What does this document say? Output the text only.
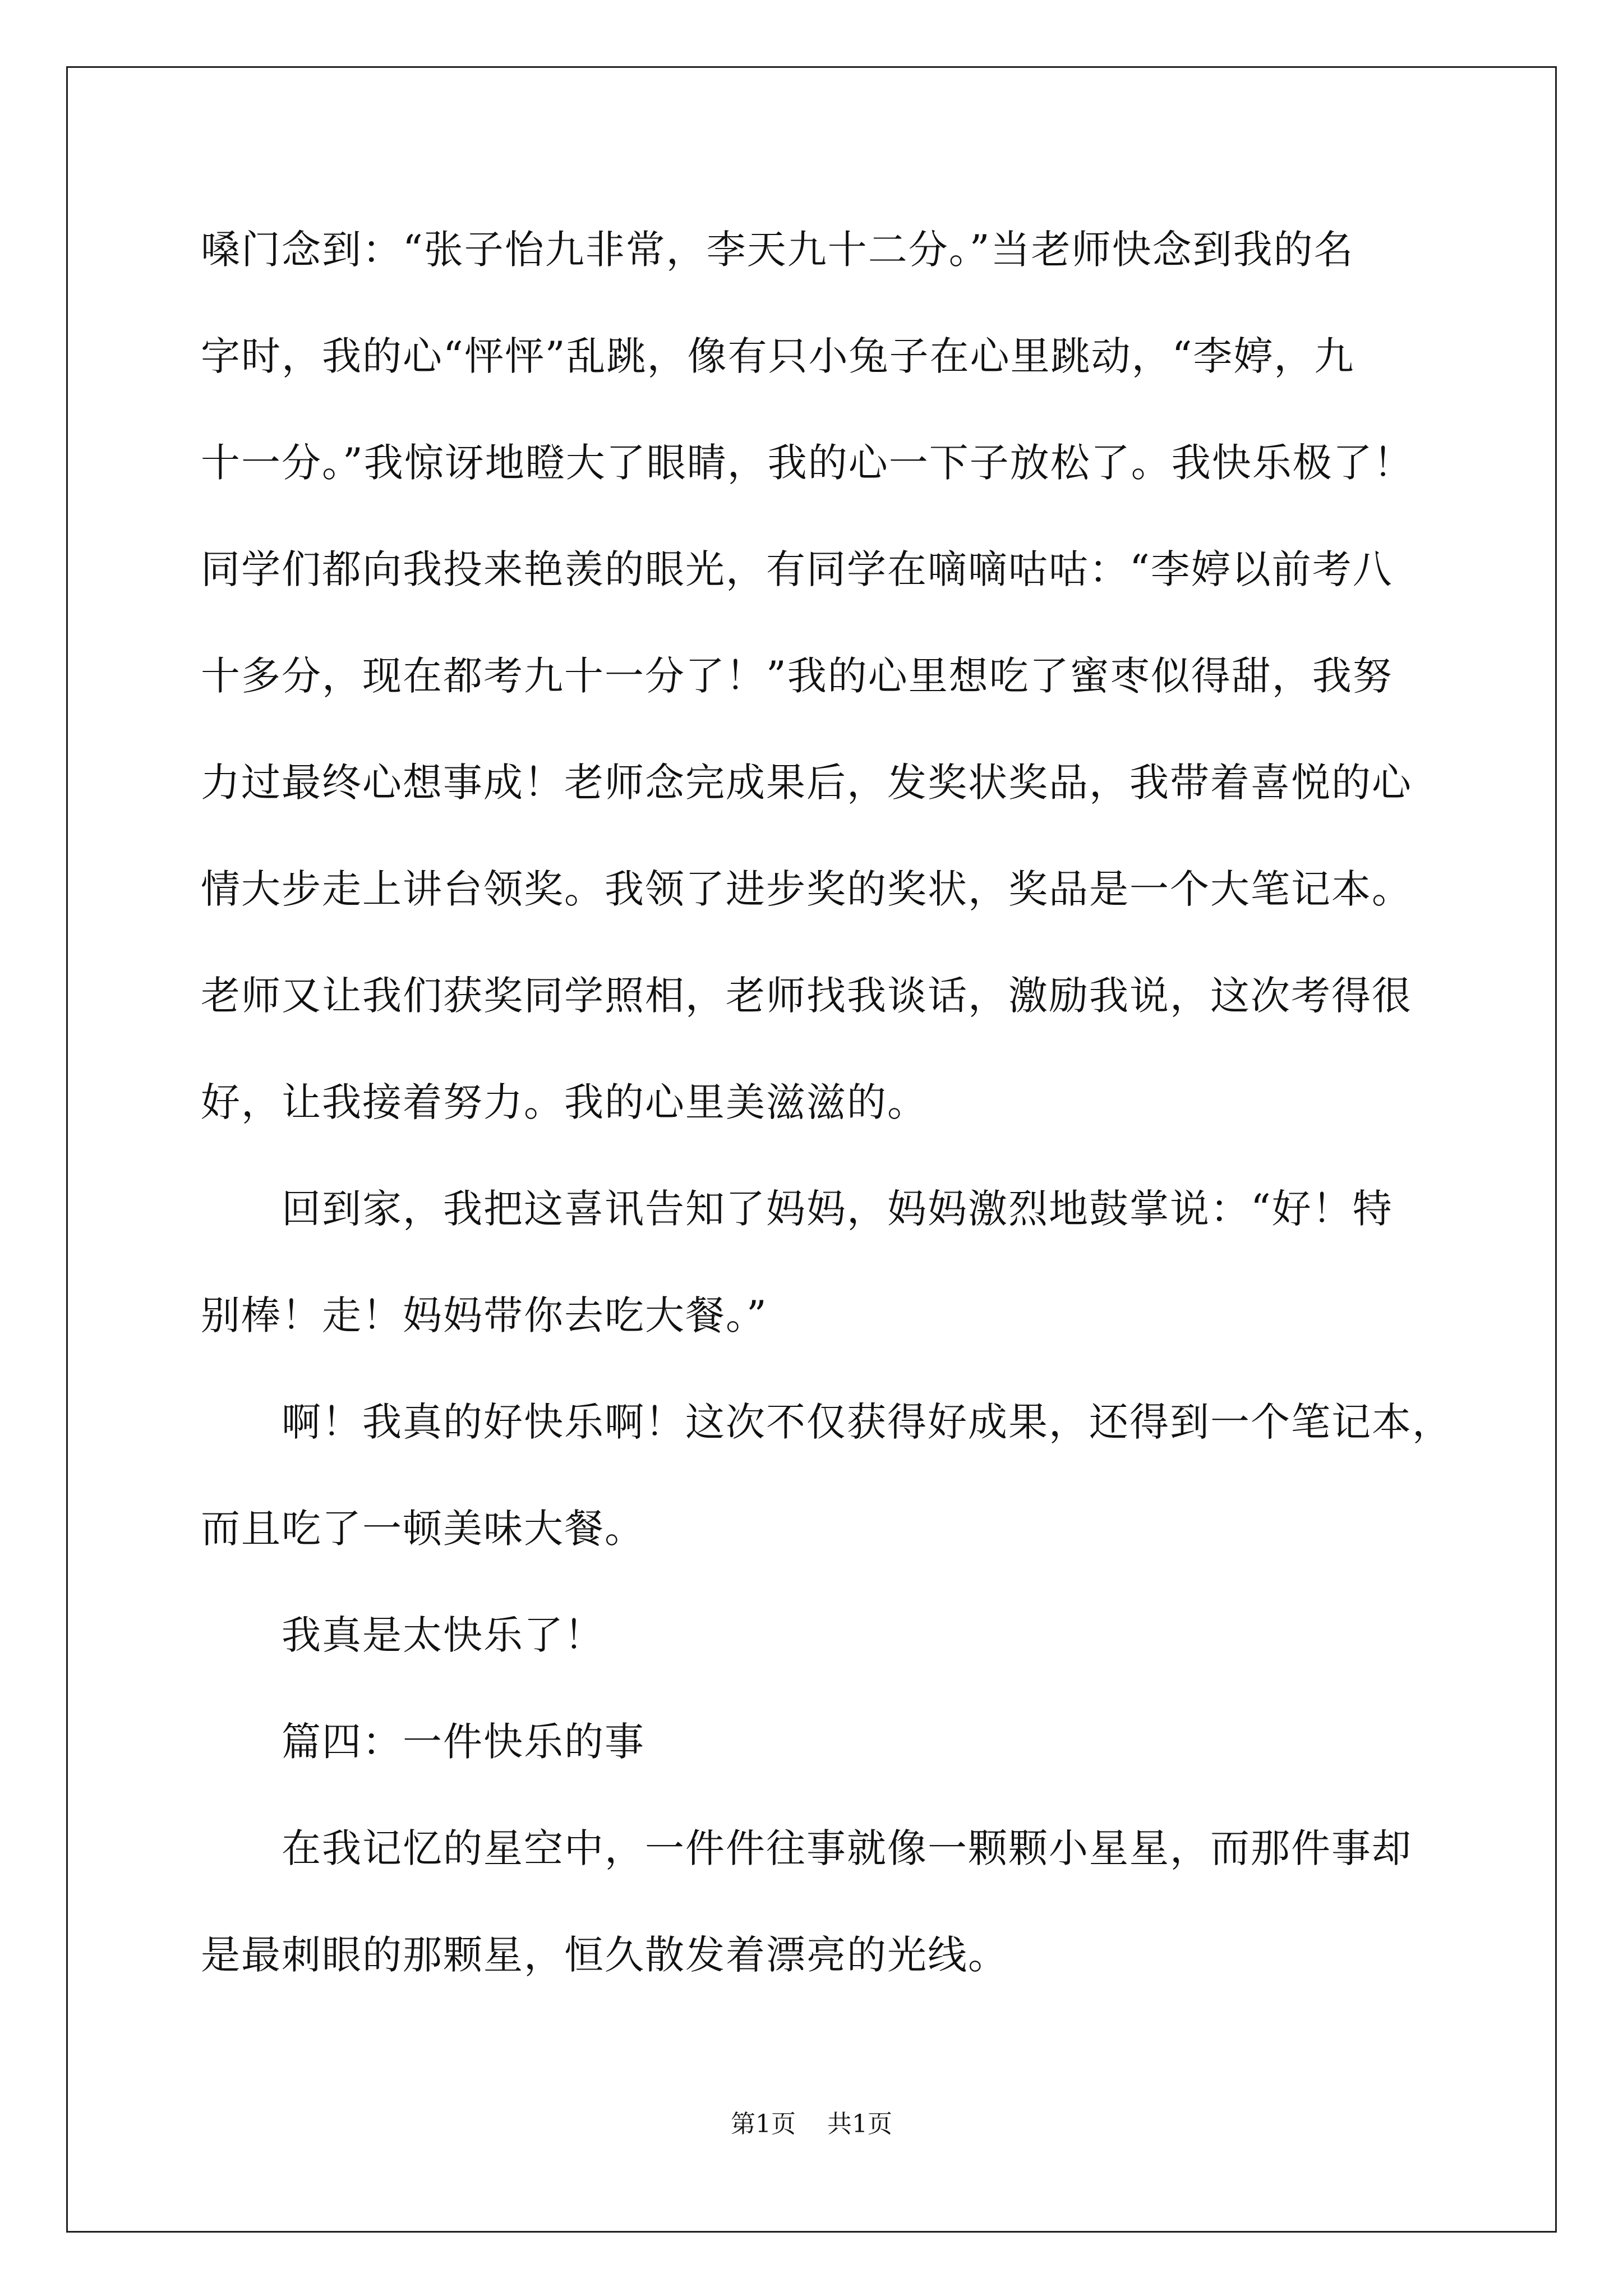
嗓门念到：“张子怡九非常，李天九十二分。”当老师快念到我的名
字时，我的心“怦怦”乱跳，像有只小兔子在心里跳动，“李婷，九
十一分。”我惊讶地瞪大了眼睛，我的心一下子放松了。我快乐极了！
同学们都向我投来艳羡的眼光，有同学在嘀嘀咕咕：“李婷以前考八
十多分，现在都考九十一分了！”我的心里想吃了蜜枣似得甜，我努
力过最终心想事成！老师念完成果后，发奖状奖品，我带着喜悦的心
情大步走上讲台领奖。我领了进步奖的奖状，奖品是一个大笔记本。
老师又让我们获奖同学照相，老师找我谈话，激励我说，这次考得很
好，让我接着努力。我的心里美滋滋的。
回到家，我把这喜讯告知了妈妈，妈妈激烈地鼓掌说：“好！特
别棒！走！妈妈带你去吃大餐。”
啊！我真的好快乐啊！这次不仅获得好成果，还得到一个笔记本，
而且吃了一顿美味大餐。
我真是太快乐了！
篇四：一件快乐的事
在我记忆的星空中，一件件往事就像一颗颗小星星，而那件事却
是最刺眼的那颗星，恒久散发着漂亮的光线。
第1页    共1页
